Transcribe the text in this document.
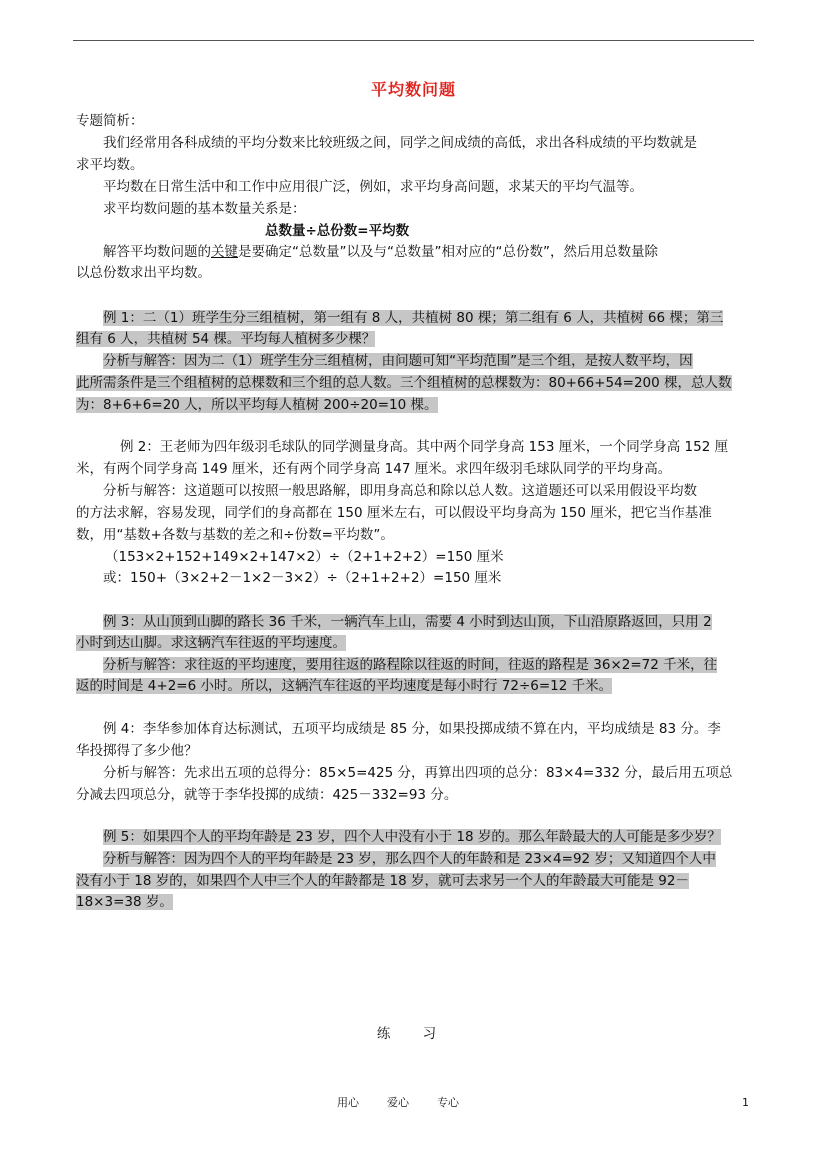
平均数问题
专题简析：
我们经常用各科成绩的平均分数来比较班级之间，同学之间成绩的高低，求出各科成绩的平均数就是
求平均数。
平均数在日常生活中和工作中应用很广泛，例如，求平均身高问题，求某天的平均气温等。
求平均数问题的基本数量关系是：
总数量÷总份数=平均数
解答平均数问题的关键是要确定“总数量”以及与“总数量”相对应的“总份数”，然后用总数量除
以总份数求出平均数。
例 1：二（1）班学生分三组植树，第一组有 8 人，共植树 80 棵；第二组有 6 人，共植树 66 棵；第三
组有 6 人，共植树 54 棵。平均每人植树多少棵？
分析与解答：因为二（1）班学生分三组植树，由问题可知“平均范围”是三个组，是按人数平均，因
此所需条件是三个组植树的总棵数和三个组的总人数。三个组植树的总棵数为：80+66+54=200 棵，总人数
为：8+6+6=20 人，所以平均每人植树 200÷20=10 棵。
例 2：王老师为四年级羽毛球队的同学测量身高。其中两个同学身高 153 厘米，一个同学身高 152 厘
米，有两个同学身高 149 厘米，还有两个同学身高 147 厘米。求四年级羽毛球队同学的平均身高。
分析与解答：这道题可以按照一般思路解，即用身高总和除以总人数。这道题还可以采用假设平均数
的方法求解，容易发现，同学们的身高都在 150 厘米左右，可以假设平均身高为 150 厘米，把它当作基准
数，用“基数+各数与基数的差之和÷份数=平均数”。
（153×2+152+149×2+147×2）÷（2+1+2+2）=150 厘米
或：150+（3×2+2－1×2－3×2）÷（2+1+2+2）=150 厘米
例 3：从山顶到山脚的路长 36 千米，一辆汽车上山，需要 4 小时到达山顶，下山沿原路返回，只用 2
小时到达山脚。求这辆汽车往返的平均速度。
分析与解答：求往返的平均速度，要用往返的路程除以往返的时间，往返的路程是 36×2=72 千米，往
返的时间是 4+2=6 小时。所以，这辆汽车往返的平均速度是每小时行 72÷6=12 千米。
例 4：李华参加体育达标测试，五项平均成绩是 85 分，如果投掷成绩不算在内，平均成绩是 83 分。李
华投掷得了多少他？
分析与解答：先求出五项的总得分：85×5=425 分，再算出四项的总分：83×4=332 分，最后用五项总
分减去四项总分，就等于李华投掷的成绩：425－332=93 分。
例 5：如果四个人的平均年龄是 23 岁，四个人中没有小于 18 岁的。那么年龄最大的人可能是多少岁？
分析与解答：因为四个人的平均年龄是 23 岁，那么四个人的年龄和是 23×4=92 岁；又知道四个人中
没有小于 18 岁的，如果四个人中三个人的年龄都是 18 岁，就可去求另一个人的年龄最大可能是 92－
18×3=38 岁。
练 习
用心	爱心	专心	1
